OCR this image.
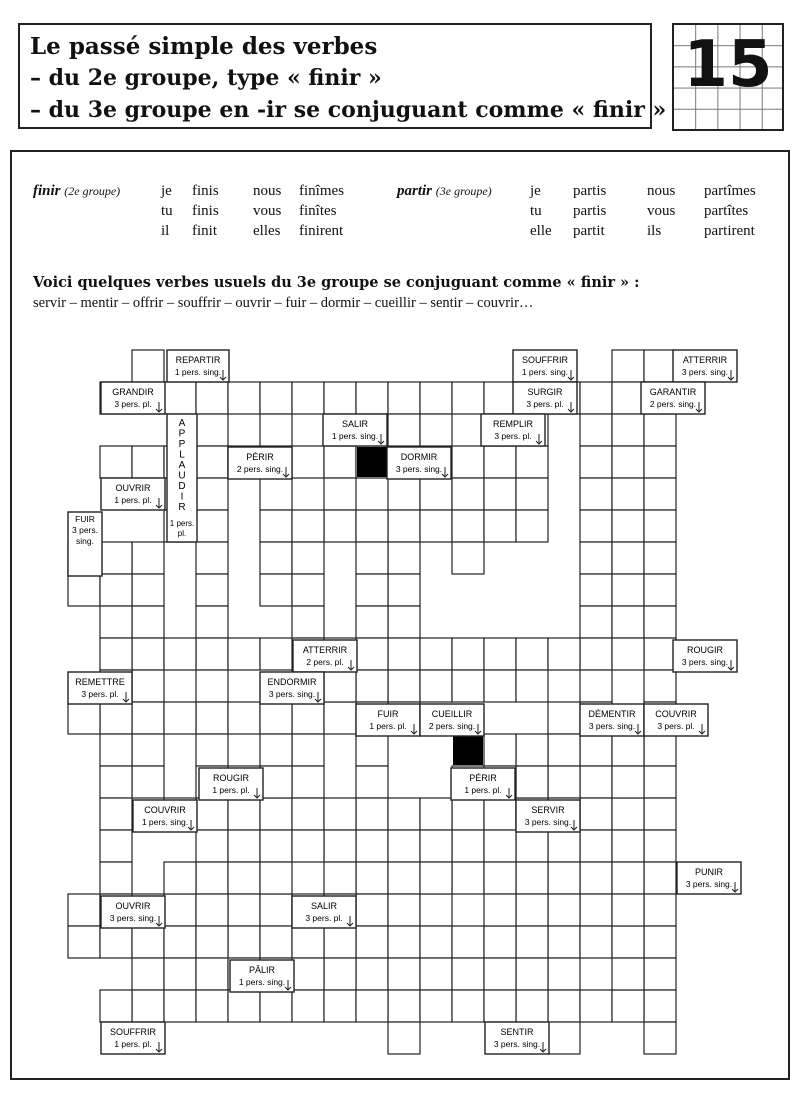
Le passé simple des verbes
– du 2e groupe, type « finir »
– du 3e groupe en -ir se conjuguant comme « finir »
15
finir (2e groupe)	partir (3e groupe)
je finis nous finîmes
tu finis vous finîtes
il finit elles finirent
je partis	nous partîmes
tu partis	vous partîtes
elle partit	ils	partirent
Voici quelques verbes usuels du 3e groupe se conjuguant comme « finir » :
servir – mentir – offrir – souffrir – ouvrir – fuir – dormir – cueillir – sentir – couvrir…
REPARTIR
1 pers. sing.
GRANDIR
3 pers. pl.
A
P
P
L
A
U
D
I
R
1 pers.
pl.
SALIR
1 pers. sing.
PÉRIR
2 pers. sing.
DORMIR
3 pers. sing.
OUVRIR
1 pers. pl.
FUIR
3 pers.
sing.
SOUFFRIR
1 pers. sing.
SURGIR
3 pers. pl.
REMPLIR
3 pers. pl.
ATTERRIR
3 pers. sing.
GARANTIR
2 pers. sing.
ATTERRIR
2 pers. pl.
ROUGIR
3 pers. sing.
REMETTRE
3 pers. pl.
ENDORMIR
3 pers. sing.
FUIR
1 pers. pl.
CUEILLIR
2 pers. sing.
DÉMENTIR
3 pers. sing.
COUVRIR
3 pers. pl.
ROUGIR
1 pers. pl.
COUVRIR
1 pers. sing.
PÉRIR
1 pers. pl.
SERVIR
3 pers. sing.
PUNIR
3 pers. sing.
OUVRIR
3 pers. sing.
SALIR
3 pers. pl.
PÂLIR
1 pers. sing.
SOUFFRIR
1 pers. pl.
SENTIR
3 pers. sing.
